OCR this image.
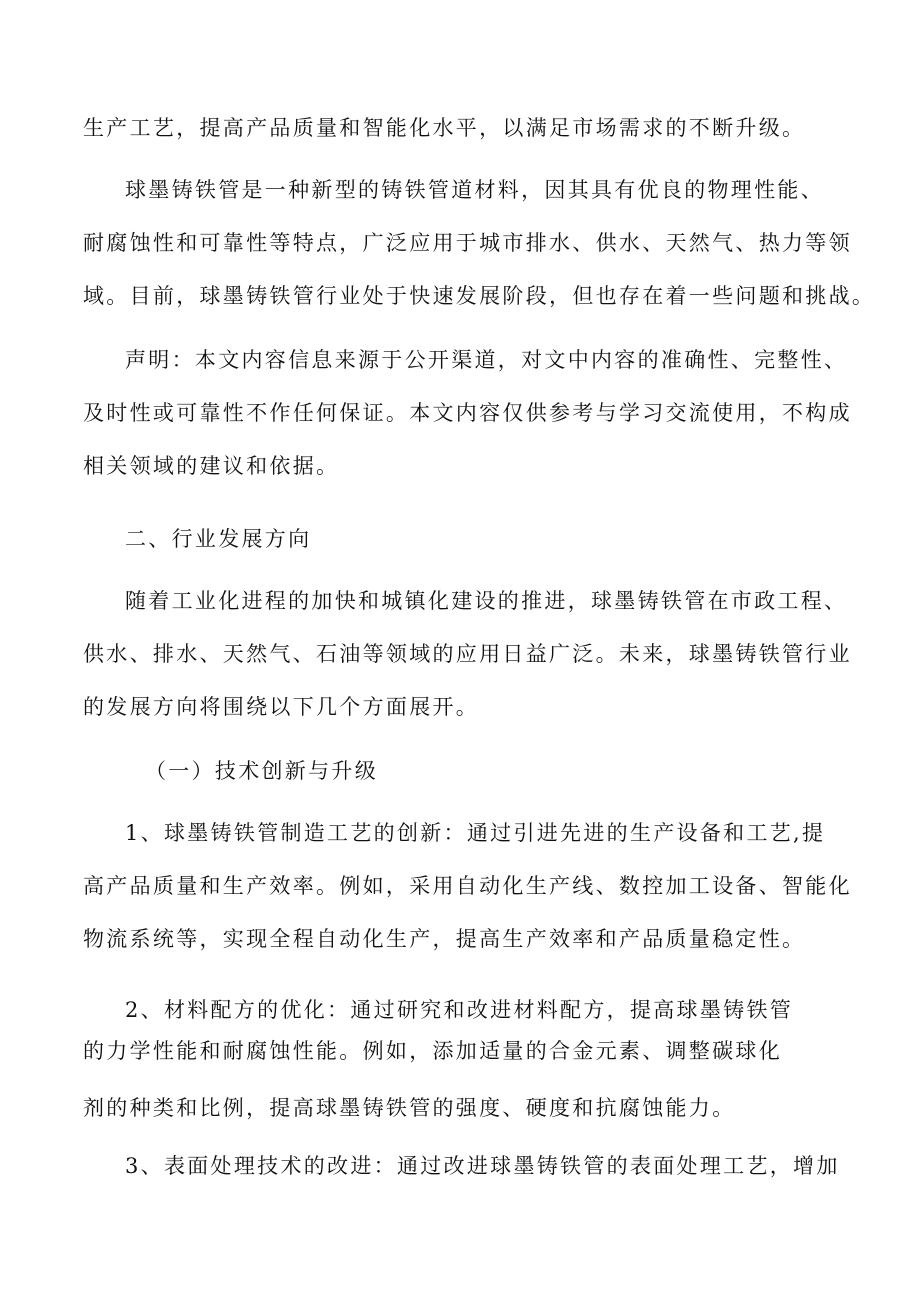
生产工艺，提高产品质量和智能化水平，以满足市场需求的不断升级。
球墨铸铁管是一种新型的铸铁管道材料，因其具有优良的物理性能、
耐腐蚀性和可靠性等特点，广泛应用于城市排水、供水、天然气、热力等领
域。目前，球墨铸铁管行业处于快速发展阶段，但也存在着一些问题和挑战。
声明：本文内容信息来源于公开渠道，对文中内容的准确性、完整性、
及时性或可靠性不作任何保证。本文内容仅供参考与学习交流使用，不构成
相关领域的建议和依据。
二、行业发展方向
随着工业化进程的加快和城镇化建设的推进，球墨铸铁管在市政工程、
供水、排水、天然气、石油等领域的应用日益广泛。未来，球墨铸铁管行业
的发展方向将围绕以下几个方面展开。
（一）技术创新与升级
1、球墨铸铁管制造工艺的创新：通过引进先进的生产设备和工艺,提
高产品质量和生产效率。例如，采用自动化生产线、数控加工设备、智能化
物流系统等，实现全程自动化生产，提高生产效率和产品质量稳定性。
2、材料配方的优化：通过研究和改进材料配方，提高球墨铸铁管
的力学性能和耐腐蚀性能。例如，添加适量的合金元素、调整碳球化
剂的种类和比例，提高球墨铸铁管的强度、硬度和抗腐蚀能力。
3、表面处理技术的改进：通过改进球墨铸铁管的表面处理工艺，增加
